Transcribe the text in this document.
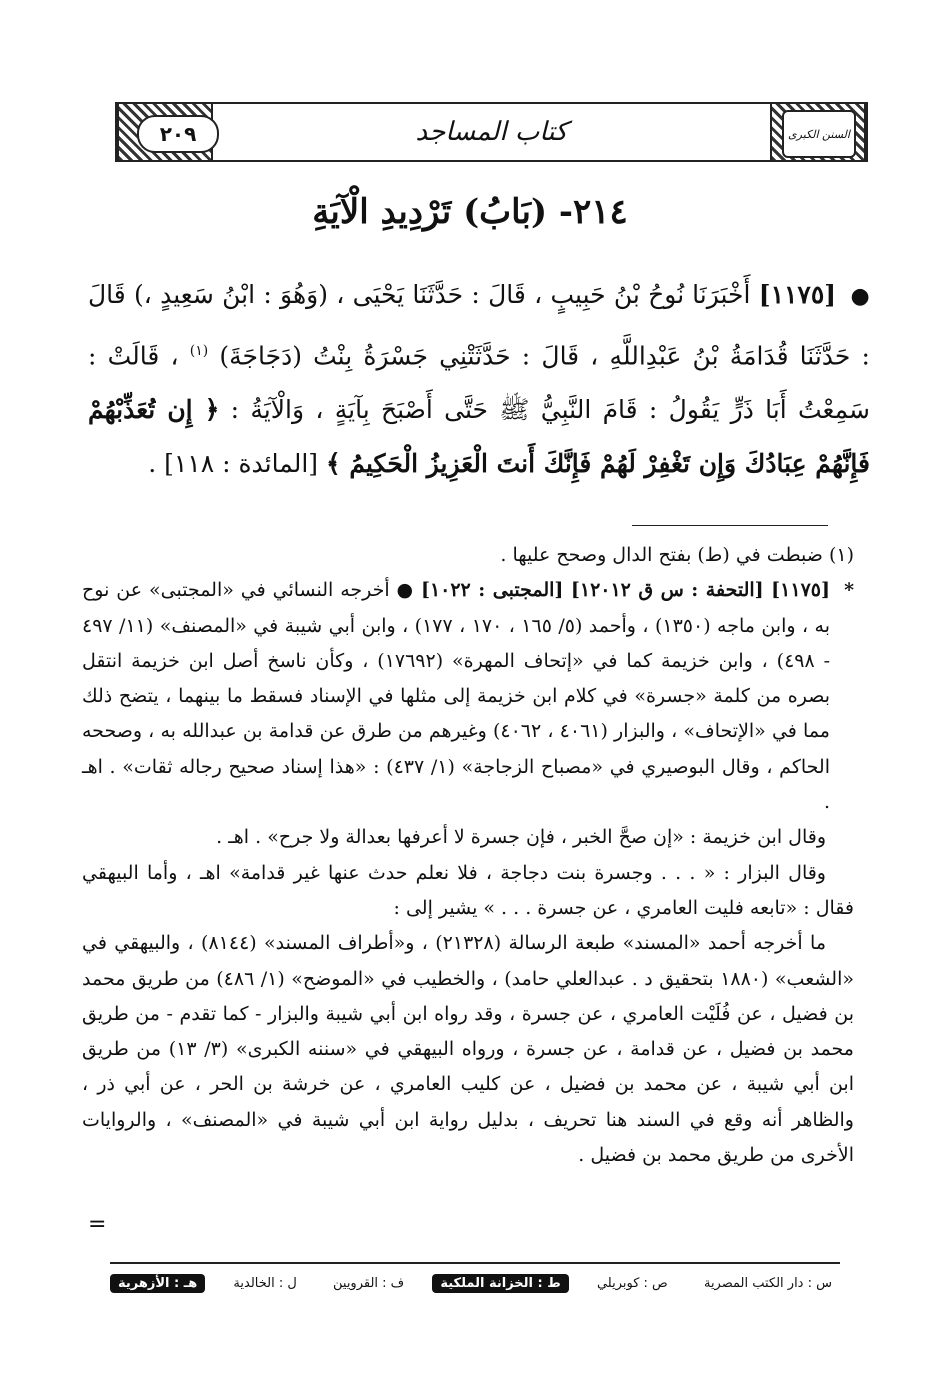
السنن الكبرى
كتاب المساجد
٢٠٩
٢١٤- (بَابُ) تَرْدِيدِ الْآيَةِ
● [١١٧٥] أَخْبَرَنَا نُوحُ بْنُ حَبِيبٍ ، قَالَ : حَدَّثَنَا يَحْيَى ، (وَهُوَ : ابْنُ سَعِيدٍ ،) قَالَ : حَدَّثَنَا قُدَامَةُ بْنُ عَبْدِاللَّهِ ، قَالَ : حَدَّثَتْنِي جَسْرَةُ بِنْتُ (دَجَاجَةَ) $^{(١)}$ ، قَالَتْ : سَمِعْتُ أَبَا ذَرٍّ يَقُولُ : قَامَ النَّبِيُّ ﷺ حَتَّى أَصْبَحَ بِآيَةٍ ، وَالْآيَةُ : ﴿ إِن تُعَذِّبْهُمْ فَإِنَّهُمْ عِبَادُكَ وَإِن تَغْفِرْ لَهُمْ فَإِنَّكَ أَنتَ الْعَزِيزُ الْحَكِيمُ ﴾ [المائدة : ١١٨] .

(١) ضبطت في (ط) بفتح الدال وصحح عليها .

*
[١١٧٥] [التحفة : س ق ١٢٠١٢] [المجتبى : ١٠٢٢] ● أخرجه النسائي في «المجتبى» عن نوح به ، وابن ماجه (١٣٥٠) ، وأحمد (٥/ ١٦٥ ، ١٧٠ ، ١٧٧) ، وابن أبي شيبة في «المصنف» (١١/ ٤٩٧ - ٤٩٨) ، وابن خزيمة كما في «إتحاف المهرة» (١٧٦٩٢) ، وكأن ناسخ أصل ابن خزيمة انتقل بصره من كلمة «جسرة» في كلام ابن خزيمة إلى مثلها في الإسناد فسقط ما بينهما ، يتضح ذلك مما في «الإتحاف» ، والبزار (٤٠٦١ ، ٤٠٦٢) وغيرهم من طرق عن قدامة بن عبدالله به ، وصححه الحاكم ، وقال البوصيري في «مصباح الزجاجة» (١/ ٤٣٧) : «هذا إسناد صحيح رجاله ثقات» . اهـ .

وقال ابن خزيمة : «إن صحَّ الخبر ، فإن جسرة لا أعرفها بعدالة ولا جرح» . اهـ .

وقال البزار : « . . . وجسرة بنت دجاجة ، فلا نعلم حدث عنها غير قدامة» اهـ ، وأما البيهقي فقال : «تابعه فليت العامري ، عن جسرة . . . » يشير إلى :

ما أخرجه أحمد «المسند» طبعة الرسالة (٢١٣٢٨) ، و«أطراف المسند» (٨١٤٤) ، والبيهقي في «الشعب» (١٨٨٠ بتحقيق د . عبدالعلي حامد) ، والخطيب في «الموضح» (١/ ٤٨٦) من طريق محمد بن فضيل ، عن فُلَيْت العامري ، عن جسرة ، وقد رواه ابن أبي شيبة والبزار - كما تقدم - من طريق محمد بن فضيل ، عن قدامة ، عن جسرة ، ورواه البيهقي في «سننه الكبرى» (٣/ ١٣) من طريق ابن أبي شيبة ، عن محمد بن فضيل ، عن كليب العامري ، عن خرشة بن الحر ، عن أبي ذر ، والظاهر أنه وقع في السند هنا تحريف ، بدليل رواية ابن أبي شيبة في «المصنف» ، والروايات الأخرى من طريق محمد بن فضيل .

=
س : دار الكتب المصرية
ص : كوبريلي
ط : الخزانة الملكية
ف : القرويين
ل : الخالدية
هـ : الأزهرية
